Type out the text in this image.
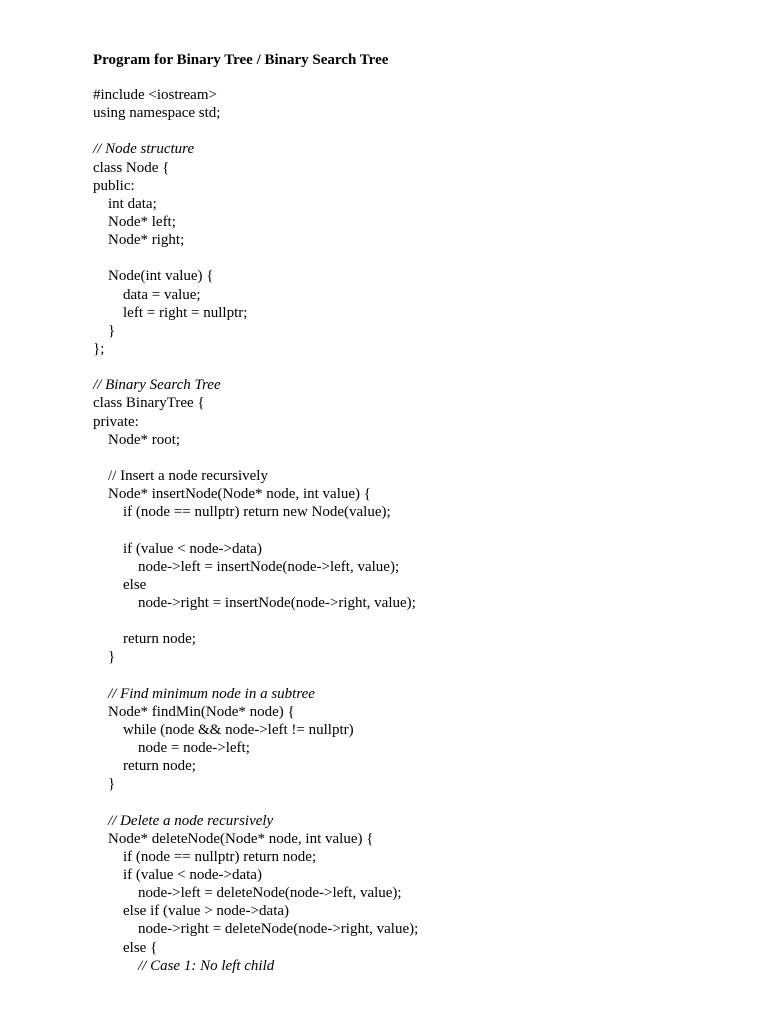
Program for Binary Tree / Binary Search Tree
#include <iostream>
using namespace std;
// Node structure
class Node {
public:
int data;
Node* left;
Node* right;
Node(int value) {
data = value;
left = right = nullptr;
}
};
// Binary Search Tree
class BinaryTree {
private:
Node* root;
// Insert a node recursively
Node* insertNode(Node* node, int value) {
if (node == nullptr) return new Node(value);
if (value < node->data)
node->left = insertNode(node->left, value);
else
node->right = insertNode(node->right, value);
return node;
}
// Find minimum node in a subtree
Node* findMin(Node* node) {
while (node && node->left != nullptr)
node = node->left;
return node;
}
// Delete a node recursively
Node* deleteNode(Node* node, int value) {
if (node == nullptr) return node;
if (value < node->data)
node->left = deleteNode(node->left, value);
else if (value > node->data)
node->right = deleteNode(node->right, value);
else {
// Case 1: No left child
